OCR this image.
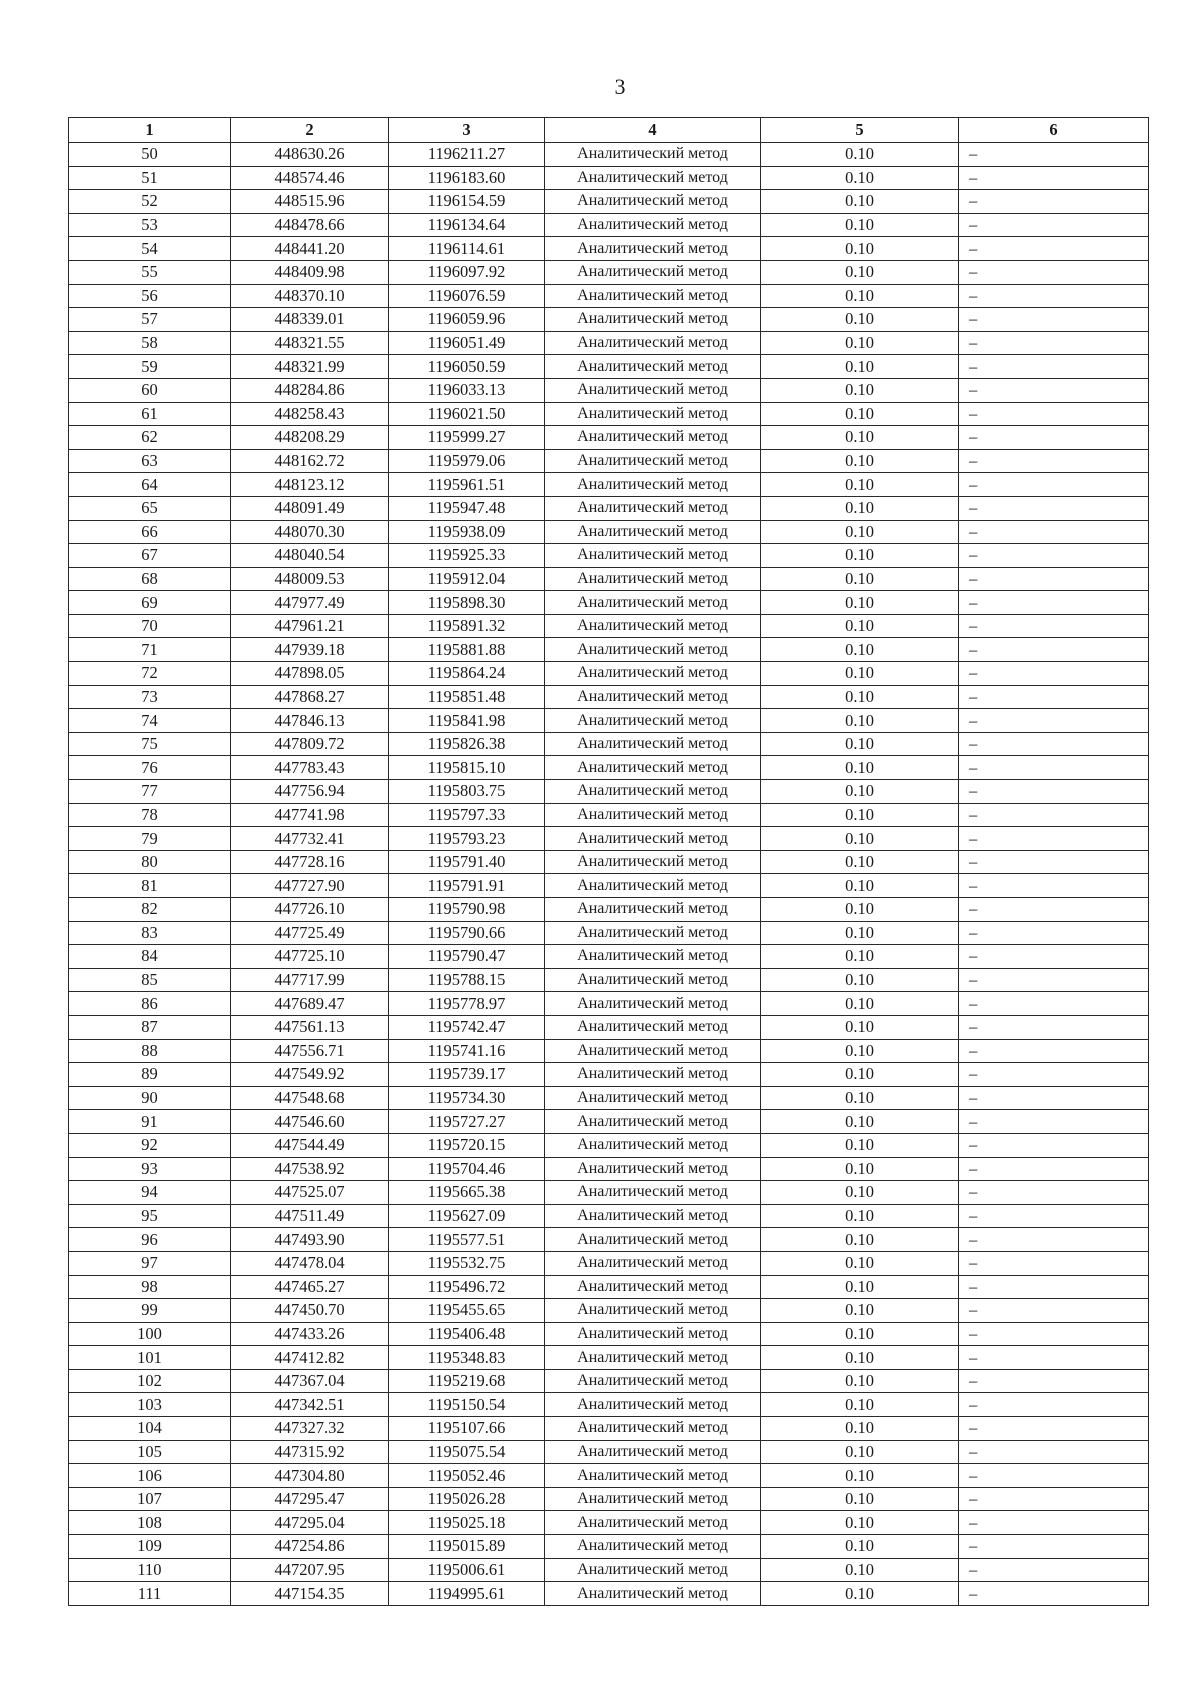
3
1	2	3	4	5	6
50	448630.26	1196211.27	Аналитический метод	0.10	–
51	448574.46	1196183.60	Аналитический метод	0.10	–
52	448515.96	1196154.59	Аналитический метод	0.10	–
53	448478.66	1196134.64	Аналитический метод	0.10	–
54	448441.20	1196114.61	Аналитический метод	0.10	–
55	448409.98	1196097.92	Аналитический метод	0.10	–
56	448370.10	1196076.59	Аналитический метод	0.10	–
57	448339.01	1196059.96	Аналитический метод	0.10	–
58	448321.55	1196051.49	Аналитический метод	0.10	–
59	448321.99	1196050.59	Аналитический метод	0.10	–
60	448284.86	1196033.13	Аналитический метод	0.10	–
61	448258.43	1196021.50	Аналитический метод	0.10	–
62	448208.29	1195999.27	Аналитический метод	0.10	–
63	448162.72	1195979.06	Аналитический метод	0.10	–
64	448123.12	1195961.51	Аналитический метод	0.10	–
65	448091.49	1195947.48	Аналитический метод	0.10	–
66	448070.30	1195938.09	Аналитический метод	0.10	–
67	448040.54	1195925.33	Аналитический метод	0.10	–
68	448009.53	1195912.04	Аналитический метод	0.10	–
69	447977.49	1195898.30	Аналитический метод	0.10	–
70	447961.21	1195891.32	Аналитический метод	0.10	–
71	447939.18	1195881.88	Аналитический метод	0.10	–
72	447898.05	1195864.24	Аналитический метод	0.10	–
73	447868.27	1195851.48	Аналитический метод	0.10	–
74	447846.13	1195841.98	Аналитический метод	0.10	–
75	447809.72	1195826.38	Аналитический метод	0.10	–
76	447783.43	1195815.10	Аналитический метод	0.10	–
77	447756.94	1195803.75	Аналитический метод	0.10	–
78	447741.98	1195797.33	Аналитический метод	0.10	–
79	447732.41	1195793.23	Аналитический метод	0.10	–
80	447728.16	1195791.40	Аналитический метод	0.10	–
81	447727.90	1195791.91	Аналитический метод	0.10	–
82	447726.10	1195790.98	Аналитический метод	0.10	–
83	447725.49	1195790.66	Аналитический метод	0.10	–
84	447725.10	1195790.47	Аналитический метод	0.10	–
85	447717.99	1195788.15	Аналитический метод	0.10	–
86	447689.47	1195778.97	Аналитический метод	0.10	–
87	447561.13	1195742.47	Аналитический метод	0.10	–
88	447556.71	1195741.16	Аналитический метод	0.10	–
89	447549.92	1195739.17	Аналитический метод	0.10	–
90	447548.68	1195734.30	Аналитический метод	0.10	–
91	447546.60	1195727.27	Аналитический метод	0.10	–
92	447544.49	1195720.15	Аналитический метод	0.10	–
93	447538.92	1195704.46	Аналитический метод	0.10	–
94	447525.07	1195665.38	Аналитический метод	0.10	–
95	447511.49	1195627.09	Аналитический метод	0.10	–
96	447493.90	1195577.51	Аналитический метод	0.10	–
97	447478.04	1195532.75	Аналитический метод	0.10	–
98	447465.27	1195496.72	Аналитический метод	0.10	–
99	447450.70	1195455.65	Аналитический метод	0.10	–
100	447433.26	1195406.48	Аналитический метод	0.10	–
101	447412.82	1195348.83	Аналитический метод	0.10	–
102	447367.04	1195219.68	Аналитический метод	0.10	–
103	447342.51	1195150.54	Аналитический метод	0.10	–
104	447327.32	1195107.66	Аналитический метод	0.10	–
105	447315.92	1195075.54	Аналитический метод	0.10	–
106	447304.80	1195052.46	Аналитический метод	0.10	–
107	447295.47	1195026.28	Аналитический метод	0.10	–
108	447295.04	1195025.18	Аналитический метод	0.10	–
109	447254.86	1195015.89	Аналитический метод	0.10	–
110	447207.95	1195006.61	Аналитический метод	0.10	–
111	447154.35	1194995.61	Аналитический метод	0.10	–
